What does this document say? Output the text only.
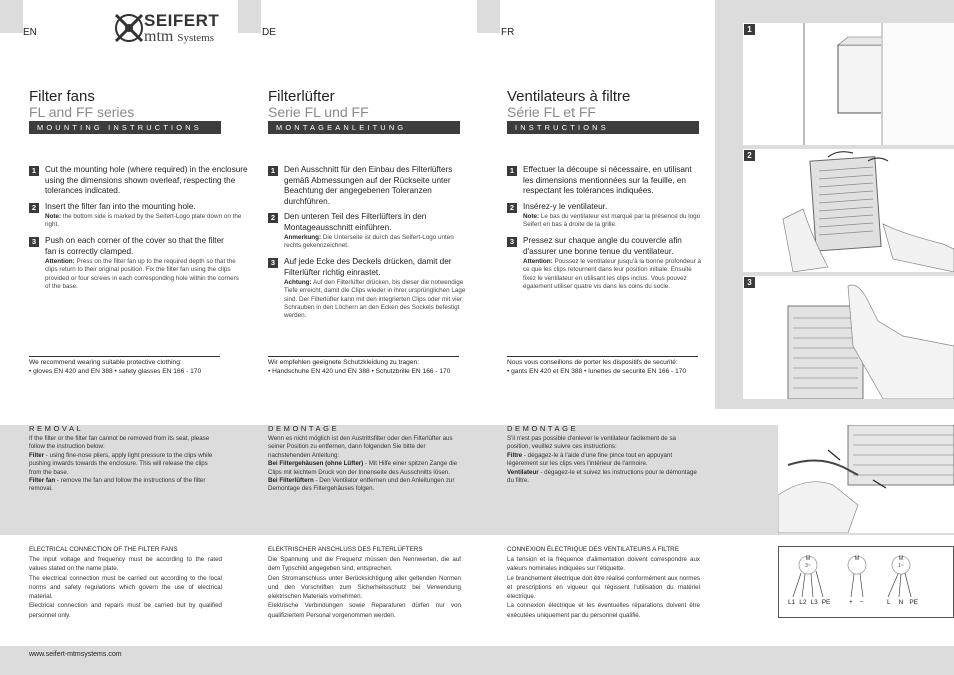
EN	DE	FR
SEIFERT
mtm Systems
Filter fans
FL and FF series
MOUNTING INSTRUCTIONS
1	Cut the mounting hole (where required) in the enclosure using the dimensions shown overleaf, respecting the tolerances indicated.
2	Insert the filter fan into the mounting hole.
Note: the bottom side is marked by the Seifert-Logo plate down on the right.
3	Push on each corner of the cover so that the filter fan is correctly clamped.
Attention: Press on the filter fan up to the required depth so that the clips return to their original position. Fix the filter fan using the clips provided or four screws in each corresponding hole within the corners of the base.
We recommend wearing suitable protective clothing:
• gloves EN 420 and EN 388 • safety glasses EN 166 - 170
Filterlüfter
Serie FL und FF
MONTAGEANLEITUNG
1	Den Ausschnitt für den Einbau des Filterlüfters gemäß Abmessungen auf der Rückseite unter Beachtung der angegebenen Toleranzen durchführen.
2	Den unteren Teil des Filterlüfters in den Montageausschnitt einführen.
Anmerkung: Die Unterseite ist durch das Seifert-Logo unten rechts gekennzeichnet.
3	Auf jede Ecke des Deckels drücken, damit der Filterlüfter richtig einrastet.
Achtung: Auf den Filterlüfter drücken, bis dieser die notwendige Tiefe erreicht, damit die Clips wieder in ihrer ursprünglichen Lage sind. Der Filterlüfter kann mit den integrierten Clips oder mit vier Schrauben in den Löchern an den Ecken des Sockels befestigt werden.
Wir empfehlen geeignete Schutzkleidung zu tragen:
• Handschuhe EN 420 und EN 388 • Schutzbrille EN 166 - 170
Ventilateurs à filtre
Série FL et FF
INSTRUCTIONS D'INSTALLATION
1	Effectuer la découpe si nécessaire, en utilisant les dimensions mentionnées sur la feuille, en respectant les tolérances indiquées.
2	Insérez-y le ventilateur.
Note: Le bas du ventilateur est marqué par la présence du logo Seifert en bas à droite de la grille.
3	Pressez sur chaque angle du couvercle afin d'assurer une bonne tenue du ventilateur.
Attention: Poussez le ventilateur jusqu'à la bonne profondeur à ce que les clips retournent dans leur position initiale. Ensuite fixez le ventilateur en utilisant les clips inclus. Vous pouvez également utiliser quatre vis dans les coins du socle.
Nous vous conseillons de porter les dispositifs de securité:
• gants EN 420 et EN 388 • lunettes de securité EN 166 - 170
1
2
3
REMOVAL
If the filter or the filter fan cannot be removed from its seat, please follow the instruction below:
Filter - using fine-nose pliers, apply light pressure to the clips while pushing inwards towards the enclosure. This will release the clips from the base.
Filter fan - remove the fan and follow the instructions of the filter removal.
DEMONTAGE
Wenn es nicht möglich ist den Austrittsfilter oder den Filterlüfter aus seiner Position zu entfernen, dann folgenden Sie bitte der nachstehenden Anleitung:
Bei Filtergehäusen (ohne Lüfter) - Mit Hilfe einer spitzen Zange die Clips mit leichtem Druck von der Innenseite des Ausschnitts lösen.
Bei Filterlüftern - Den Ventilator entfernen und den Anleitungen zur Demontage des Filtergehäuses folgen.
DEMONTAGE
S'il n'est pas possible d'enlever le ventilateur facilement de sa position, veuillez suivre ces instructions:
Filtre - dégagez-le à l'aide d'une fine pince tout en appuyant légèrement sur les clips vers l'intérieur de l'armoire.
Ventilateur - dégagez-le et suivez les instructions pour le démontage du filtre.
ELECTRICAL CONNECTION OF THE FILTER FANS
The input voltage and frequency must be according to the rated values stated on the name plate.
The electrical connection must be carried out according to the local norms and safety regulations which govern the use of electrical material.
Electrical connection and repairs must be carried but by qualified personnel only.
ELEKTRISCHER ANSCHLUSS DES FILTERLÜFTERS
Die Spannung und die Frequenz müssen den Nennwerten, die auf dem Typschild angegeben sind, entsprechen.
Den Stromanschluss unter Berücksichtigung aller geltenden Normen und den Vorschriften zum Sicherheitsschutz bei Verwendung elektrischen Materials vornehmen.
Elektrische Verbindungen sowie Reparaturen dürfen nur von qualifiziertem Personal vorgenommen werden.
CONNEXION ÉLECTRIQUE DES VENTILATEURS A FILTRE
La tension et la fréquence d'alimentation doivent correspondre aux valeurs nominales indiquées sur l'étiquette.
Le branchement électrique doit être réalisé conformément aux normes et prescriptions en vigueur qui régissent l'utilisation du matériel électrique.
La connexion électrique et les éventuelles réparations doivent être exécutées uniquement par du personnel qualifié.
M
3~
M	M
1~
L1 L2 L3 PE	+ −	L N PE
www.seifert-mtmsystems.com
